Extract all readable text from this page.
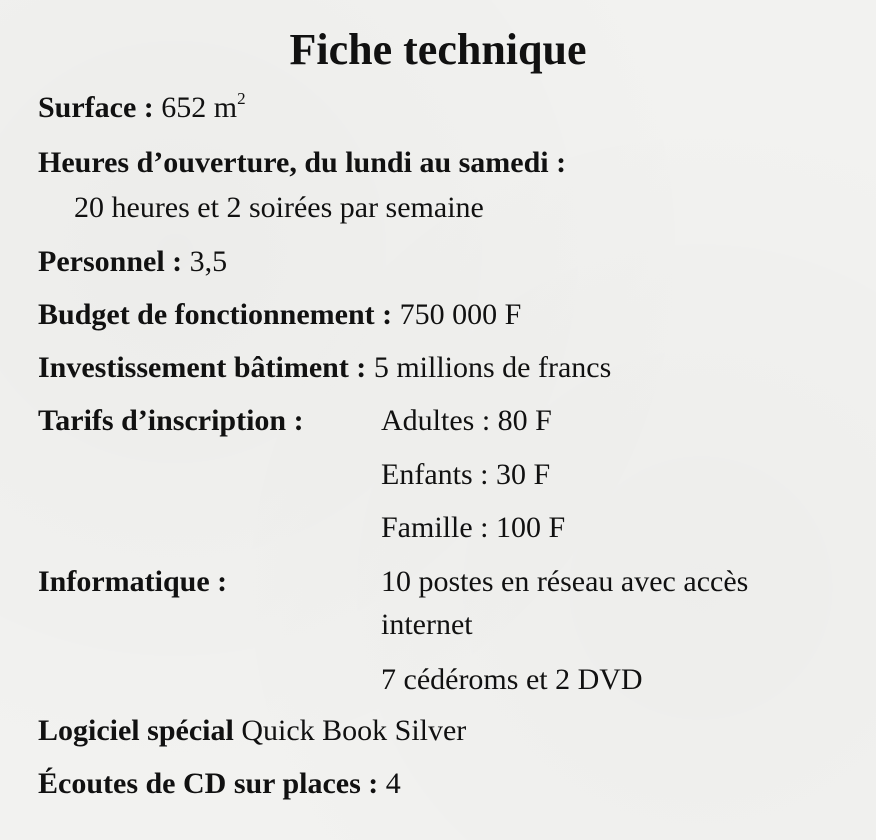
Fiche technique
Surface : 652 $m^2$
Heures d’ouverture, du lundi au samedi :
20 heures et 2 soirées par semaine
Personnel : 3,5
Budget de fonctionnement : 750 000 F
Investissement bâtiment : 5 millions de francs
Tarifs d’inscription :	Adultes : 80 F
Enfants : 30 F
Famille : 100 F
Informatique :	10 postes en réseau avec accès
internet
7 cédéroms et 2 DVD
Logiciel spécial Quick Book Silver
Écoutes de CD sur places : 4
